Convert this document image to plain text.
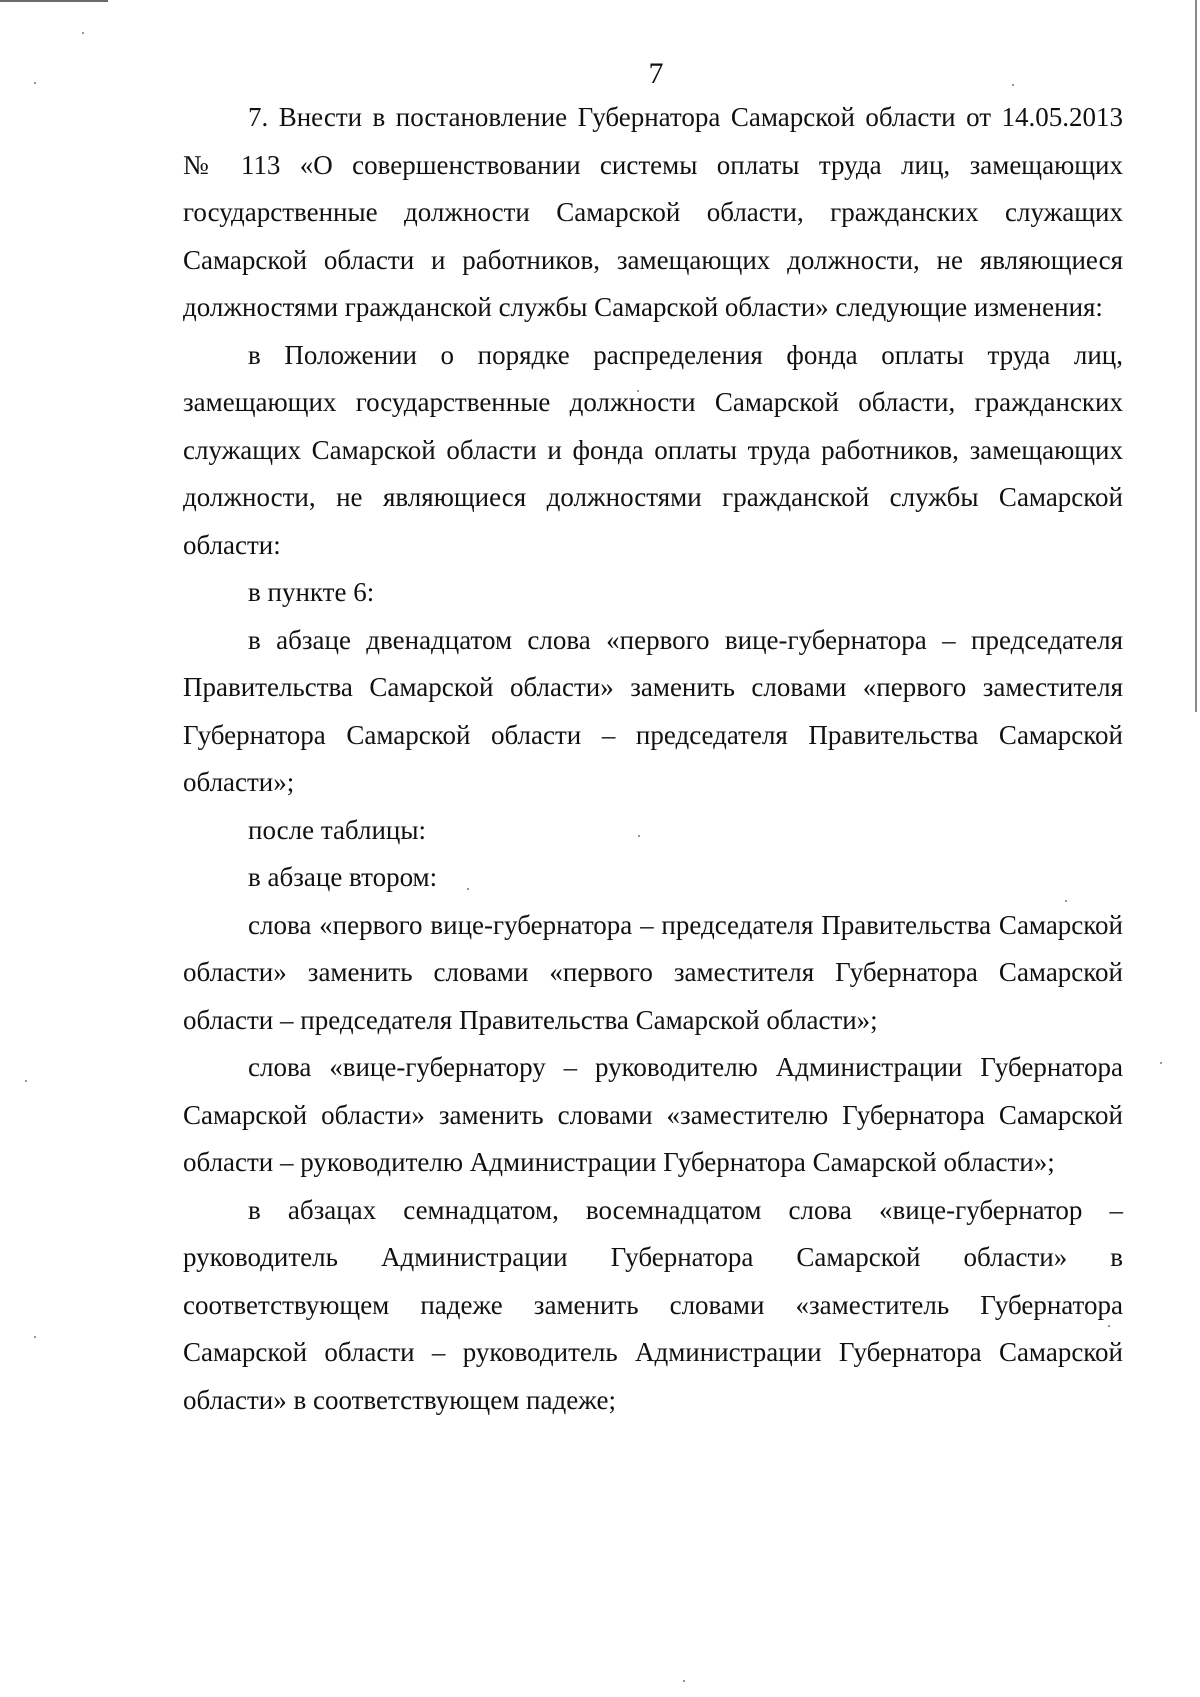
7

7. Внести в постановление Губернатора Самарской области от 14.05.2013 № 113 «О совершенствовании системы оплаты труда лиц, замещающих государственные должности Самарской области, гражданских служащих Самарской области и работников, замещающих должности, не являющиеся должностями гражданской службы Самарской области» следующие изменения:

в Положении о порядке распределения фонда оплаты труда лиц, замещающих государственные должности Самарской области, гражданских служащих Самарской области и фонда оплаты труда работников, замещающих должности, не являющиеся должностями гражданской службы Самарской области:

в пункте 6:

в абзаце двенадцатом слова «первого вице-губернатора – председателя Правительства Самарской области» заменить словами «первого заместителя Губернатора Самарской области – председателя Правительства Самарской области»;

после таблицы:

в абзаце втором:

слова «первого вице-губернатора – председателя Правительства Самарской области» заменить словами «первого заместителя Губернатора Самарской области – председателя Правительства Самарской области»;

слова «вице-губернатору – руководителю Администрации Губернатора Самарской области» заменить словами «заместителю Губернатора Самарской области – руководителю Администрации Губернатора Самарской области»;

в абзацах семнадцатом, восемнадцатом слова «вице-губернатор – руководитель Администрации Губернатора Самарской области» в соответствующем падеже заменить словами «заместитель Губернатора Самарской области – руководитель Администрации Губернатора Самарской области» в соответствующем падеже;
